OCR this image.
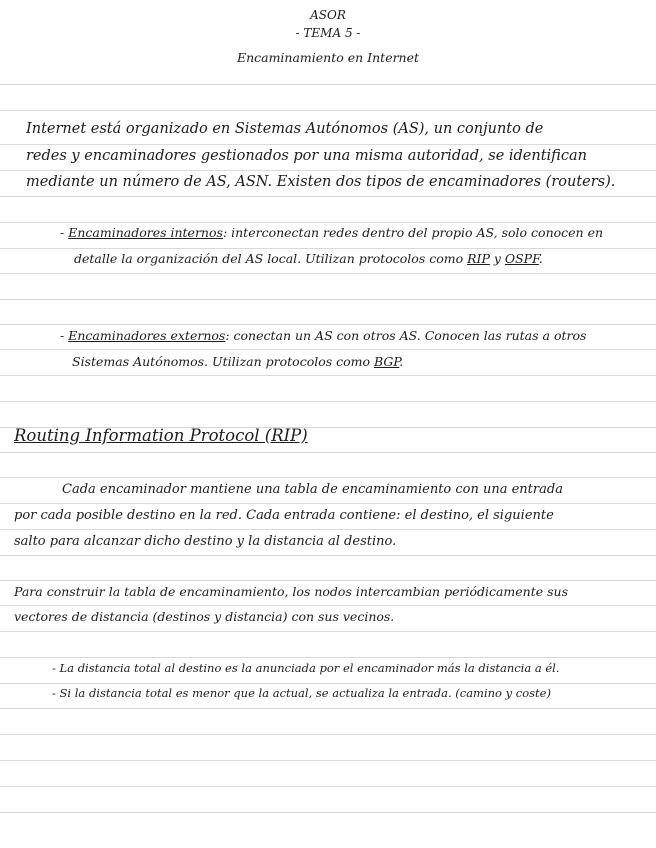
ASOR
- TEMA 5 -
Encaminamiento en Internet
Internet está organizado en Sistemas Autónomos (AS), un conjunto de
redes y encaminadores gestionados por una misma autoridad, se identifican
mediante un número de AS, ASN. Existen dos tipos de encaminadores (routers).
- Encaminadores internos: interconectan redes dentro del propio AS, solo conocen en
detalle la organización del AS local. Utilizan protocolos como RIP y OSPF.
- Encaminadores externos: conectan un AS con otros AS. Conocen las rutas a otros
Sistemas Autónomos. Utilizan protocolos como BGP.
Routing Information Protocol (RIP)
Cada encaminador mantiene una tabla de encaminamiento con una entrada
por cada posible destino en la red. Cada entrada contiene: el destino, el siguiente
salto para alcanzar dicho destino y la distancia al destino.
Para construir la tabla de encaminamiento, los nodos intercambian periódicamente sus
vectores de distancia (destinos y distancia) con sus vecinos.
- La distancia total al destino es la anunciada por el encaminador más la distancia a él.
- Si la distancia total es menor que la actual, se actualiza la entrada. (camino y coste)
